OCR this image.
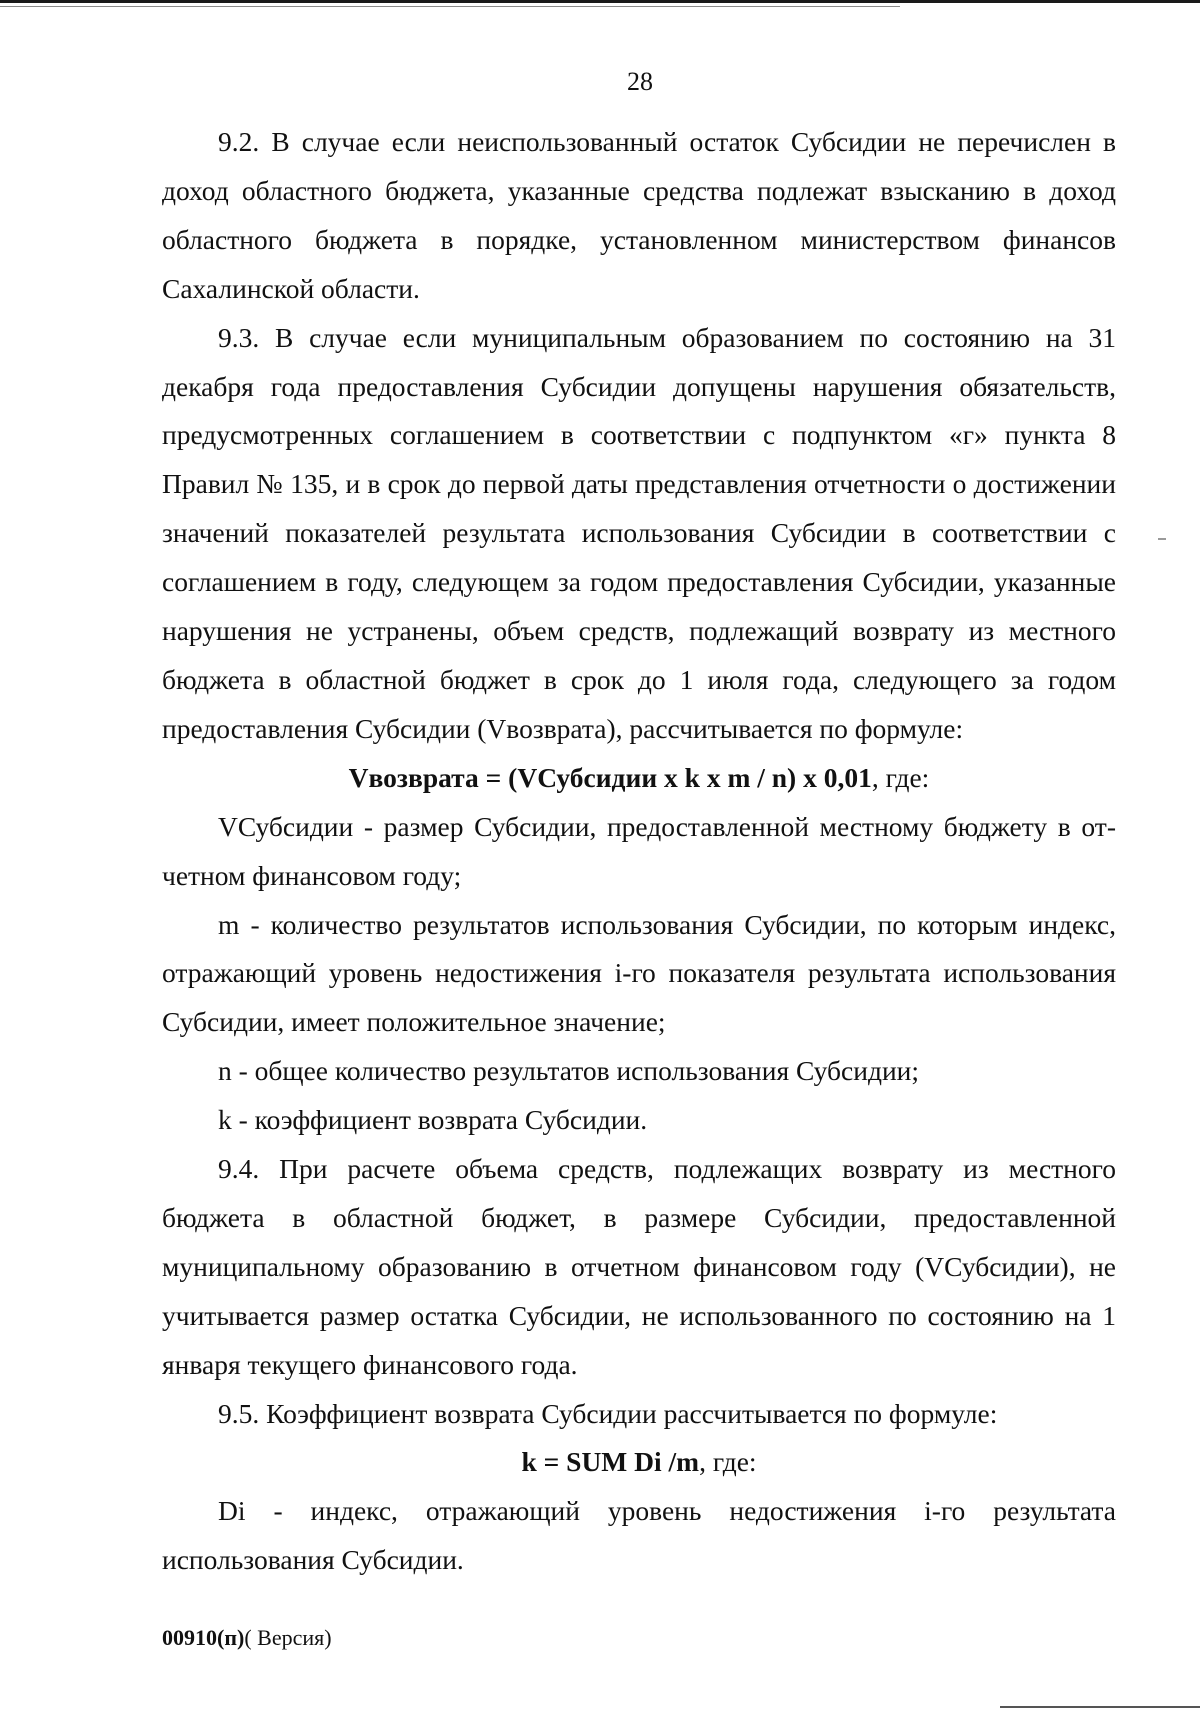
28

9.2. В случае если неиспользованный остаток Субсидии не перечислен в доход областного бюджета, указанные средства подлежат взысканию в доход областного бюджета в порядке, установленном министерством финансов Сахалинской области.

9.3. В случае если муниципальным образованием по состоянию на 31 декабря года предоставления Субсидии допущены нарушения обязательств, предусмотренных соглашением в соответствии с подпунктом «г» пункта 8 Правил № 135, и в срок до первой даты представления отчетности о достижении значений показателей результата использования Субсидии в соответствии с соглашением в году, следующем за годом предоставления Субсидии, указанные нарушения не устранены, объем средств, подлежащий возврату из местного бюджета в областной бюджет в срок до 1 июля года, следующего за годом предоставления Субсидии (Vвозврата), рассчитывается по формуле:

Vвозврата = (VСубсидии x k x m / n) x 0,01, где:

VСубсидии - размер Субсидии, предоставленной местному бюджету в отчетном финансовом году;

m - количество результатов использования Субсидии, по которым индекс, отражающий уровень недостижения i-го показателя результата использования Субсидии, имеет положительное значение;

n - общее количество результатов использования Субсидии;

k - коэффициент возврата Субсидии.

9.4. При расчете объема средств, подлежащих возврату из местного бюджета в областной бюджет, в размере Субсидии, предоставленной муниципальному образованию в отчетном финансовом году (VСубсидии), не учитывается размер остатка Субсидии, не использованного по состоянию на 1 января текущего финансового года.

9.5. Коэффициент возврата Субсидии рассчитывается по формуле:

k = SUM Di /m, где:

Di - индекс, отражающий уровень недостижения i-го результата использования Субсидии.

00910(п)( Версия)
